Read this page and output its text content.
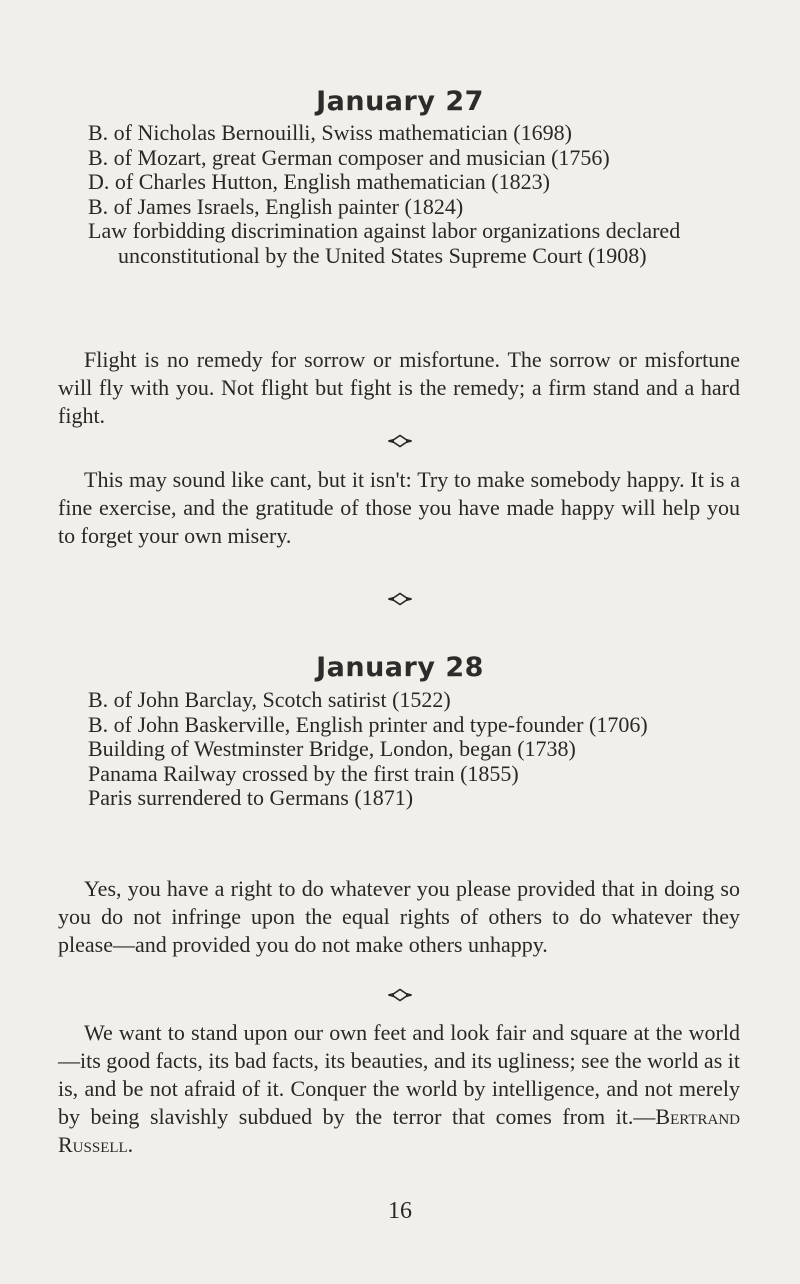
January 27
B. of Nicholas Bernouilli, Swiss mathematician (1698)
B. of Mozart, great German composer and musician (1756)
D. of Charles Hutton, English mathematician (1823)
B. of James Israels, English painter (1824)
Law forbidding discrimination against labor organizations declared unconstitutional by the United States Supreme Court (1908)

Flight is no remedy for sorrow or misfortune. The sorrow or misfortune will fly with you. Not flight but fight is the remedy; a firm stand and a hard fight.

This may sound like cant, but it isn't: Try to make somebody happy. It is a fine exercise, and the gratitude of those you have made happy will help you to forget your own misery.

January 28
B. of John Barclay, Scotch satirist (1522)
B. of John Baskerville, English printer and type-founder (1706)
Building of Westminster Bridge, London, began (1738)
Panama Railway crossed by the first train (1855)
Paris surrendered to Germans (1871)

Yes, you have a right to do whatever you please provided that in doing so you do not infringe upon the equal rights of others to do whatever they please—and provided you do not make others unhappy.

We want to stand upon our own feet and look fair and square at the world—its good facts, its bad facts, its beauties, and its ugliness; see the world as it is, and be not afraid of it. Conquer the world by intelligence, and not merely by being slavishly subdued by the terror that comes from it.—Bertrand Russell.

16
